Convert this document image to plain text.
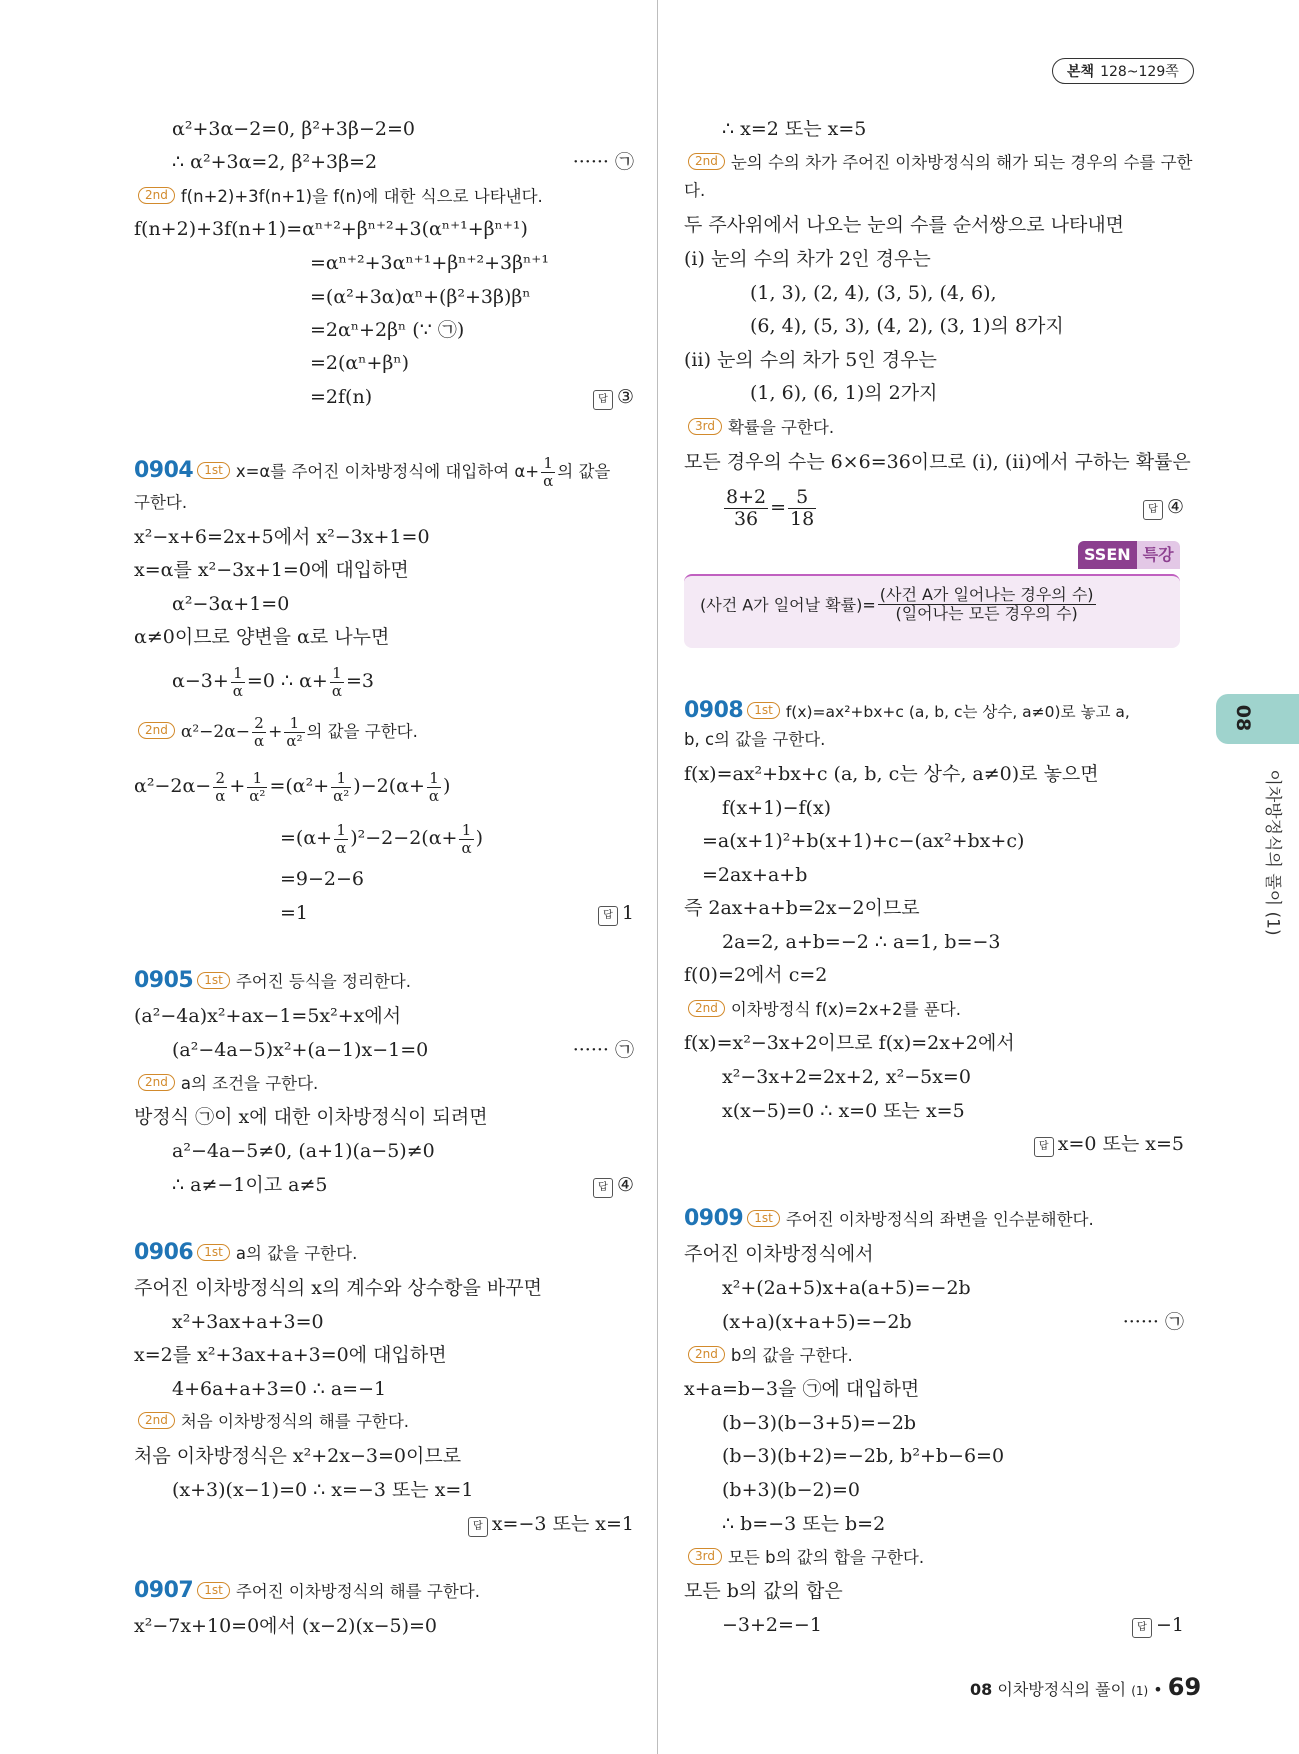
본책 128~129쪽
08
이차방정식의 풀이 (1)
α²+3α−2=0, β²+3β−2=0
∴ α²+3α=2, β²+3β=2	······ ㉠
2nd f(n+2)+3f(n+1)을 f(n)에 대한 식으로 나타낸다.
f(n+2)+3f(n+1)=αⁿ⁺²+βⁿ⁺²+3(αⁿ⁺¹+βⁿ⁺¹)
=αⁿ⁺²+3αⁿ⁺¹+βⁿ⁺²+3βⁿ⁺¹
=(α²+3α)αⁿ+(β²+3β)βⁿ
=2αⁿ+2βⁿ (∵ ㉠)
=2(αⁿ+βⁿ)
=2f(n)	답 ③
0904 1st x=α를 주어진 이차방정식에 대입하여 $\alpha+ \frac{1}{\alpha}$ 의 값을
구한다.
x²−x+6=2x+5에서 x²−3x+1=0
x=α를 x²−3x+1=0에 대입하면
α²−3α+1=0
α≠0이므로 양변을 α로 나누면
$\alpha-3+ \frac{1}{\alpha} =0$ ∴ $\alpha+ \frac{1}{\alpha} =3$
2nd $\alpha^2-2\alpha- \frac{2}{\alpha} + \frac{1}{\text{α²}}$ 의 값을 구한다.
$\alpha^2-2\alpha- \frac{2}{\alpha} + \frac{1}{\text{α²}} =(\alpha^2+ \frac{1}{\text{α²}} )-2(\alpha+ \frac{1}{\alpha}$ )
$=(\alpha+ \frac{1}{\alpha} )^2-2-2(\alpha+ \frac{1}{\alpha}$ )
=9−2−6
=1	답 1
0905 1st 주어진 등식을 정리한다.
(a²−4a)x²+ax−1=5x²+x에서
(a²−4a−5)x²+(a−1)x−1=0	······ ㉠
2nd a의 조건을 구한다.
방정식 ㉠이 x에 대한 이차방정식이 되려면
a²−4a−5≠0, (a+1)(a−5)≠0
∴ a≠−1이고 a≠5	답 ④
0906 1st a의 값을 구한다.
주어진 이차방정식의 x의 계수와 상수항을 바꾸면
x²+3ax+a+3=0
x=2를 x²+3ax+a+3=0에 대입하면
4+6a+a+3=0 ∴ a=−1
2nd 처음 이차방정식의 해를 구한다.
처음 이차방정식은 x²+2x−3=0이므로
(x+3)(x−1)=0 ∴ x=−3 또는 x=1
답 x=−3 또는 x=1
0907 1st 주어진 이차방정식의 해를 구한다.
x²−7x+10=0에서 (x−2)(x−5)=0
∴ x=2 또는 x=5
2nd 눈의 수의 차가 주어진 이차방정식의 해가 되는 경우의 수를 구한
다.
두 주사위에서 나오는 눈의 수를 순서쌍으로 나타내면
(ⅰ) 눈의 수의 차가 2인 경우는
(1, 3), (2, 4), (3, 5), (4, 6),
(6, 4), (5, 3), (4, 2), (3, 1)의 8가지
(ⅱ) 눈의 수의 차가 5인 경우는
(1, 6), (6, 1)의 2가지
3rd 확률을 구한다.
모든 경우의 수는 6×6=36이므로 (ⅰ), (ⅱ)에서 구하는 확률은
$\frac{8+2}{36} = \frac{5}{18}$	답 ④
SSEN 특강
(사건 A가 일어날 확률)= $\frac{\text{(사건 A가 일어나는 경우의 수)}}{\text{(일어나는 모든 경우의 수)}}$
0908 1st f(x)=ax²+bx+c (a, b, c는 상수, a≠0)로 놓고 a,
b, c의 값을 구한다.
f(x)=ax²+bx+c (a, b, c는 상수, a≠0)로 놓으면
f(x+1)−f(x)
=a(x+1)²+b(x+1)+c−(ax²+bx+c)
=2ax+a+b
즉 2ax+a+b=2x−2이므로
2a=2, a+b=−2 ∴ a=1, b=−3
f(0)=2에서 c=2
2nd 이차방정식 f(x)=2x+2를 푼다.
f(x)=x²−3x+2이므로 f(x)=2x+2에서
x²−3x+2=2x+2, x²−5x=0
x(x−5)=0 ∴ x=0 또는 x=5
답 x=0 또는 x=5
0909 1st 주어진 이차방정식의 좌변을 인수분해한다.
주어진 이차방정식에서
x²+(2a+5)x+a(a+5)=−2b
(x+a)(x+a+5)=−2b	······ ㉠
2nd b의 값을 구한다.
x+a=b−3을 ㉠에 대입하면
(b−3)(b−3+5)=−2b
(b−3)(b+2)=−2b, b²+b−6=0
(b+3)(b−2)=0
∴ b=−3 또는 b=2
3rd 모든 b의 값의 합을 구한다.
모든 b의 값의 합은
−3+2=−1	답 −1
08 이차방정식의 풀이 (1) • 69
